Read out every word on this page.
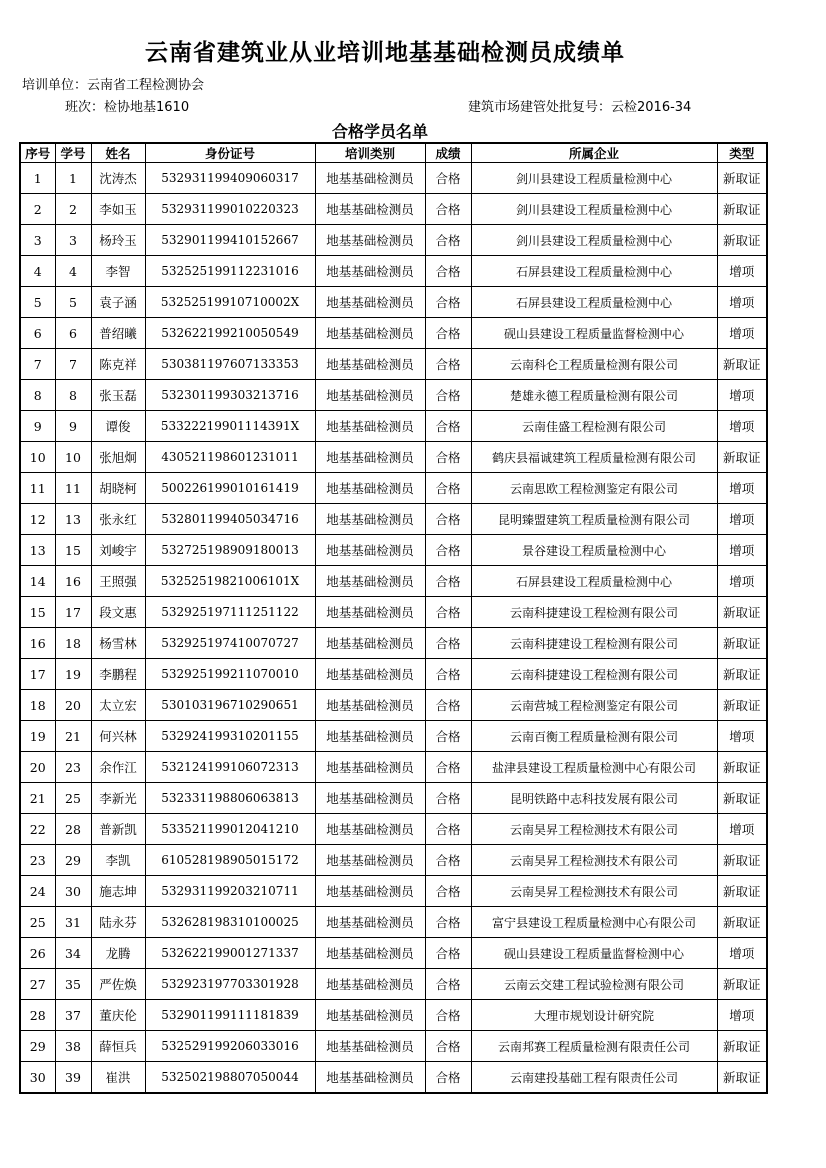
云南省建筑业从业培训地基基础检测员成绩单
培训单位：云南省工程检测协会
班次：检协地基1610	建筑市场建管处批复号：云检2016-34
合格学员名单
序号	学号	姓名	身份证号	培训类别	成绩	所属企业	类型
1	1	沈涛杰	532931199409060317	地基基础检测员	合格	剑川县建设工程质量检测中心	新取证
2	2	李如玉	532931199010220323	地基基础检测员	合格	剑川县建设工程质量检测中心	新取证
3	3	杨玲玉	532901199410152667	地基基础检测员	合格	剑川县建设工程质量检测中心	新取证
4	4	李智	532525199112231016	地基基础检测员	合格	石屏县建设工程质量检测中心	增项
5	5	袁子涵	53252519910710002X	地基基础检测员	合格	石屏县建设工程质量检测中心	增项
6	6	普绍曦	532622199210050549	地基基础检测员	合格	砚山县建设工程质量监督检测中心	增项
7	7	陈克祥	530381197607133353	地基基础检测员	合格	云南科仑工程质量检测有限公司	新取证
8	8	张玉磊	532301199303213716	地基基础检测员	合格	楚雄永德工程质量检测有限公司	增项
9	9	谭俊	53322219901114391X	地基基础检测员	合格	云南佳盛工程检测有限公司	增项
10	10	张旭炯	430521198601231011	地基基础检测员	合格	鹤庆县福诚建筑工程质量检测有限公司	新取证
11	11	胡晓柯	500226199010161419	地基基础检测员	合格	云南思欧工程检测鉴定有限公司	增项
12	13	张永红	532801199405034716	地基基础检测员	合格	昆明臻盟建筑工程质量检测有限公司	增项
13	15	刘峻宇	532725198909180013	地基基础检测员	合格	景谷建设工程质量检测中心	增项
14	16	王照强	53252519821006101X	地基基础检测员	合格	石屏县建设工程质量检测中心	增项
15	17	段文惠	532925197111251122	地基基础检测员	合格	云南科捷建设工程检测有限公司	新取证
16	18	杨雪林	532925197410070727	地基基础检测员	合格	云南科捷建设工程检测有限公司	新取证
17	19	李鹏程	532925199211070010	地基基础检测员	合格	云南科捷建设工程检测有限公司	新取证
18	20	太立宏	530103196710290651	地基基础检测员	合格	云南营城工程检测鉴定有限公司	新取证
19	21	何兴林	532924199310201155	地基基础检测员	合格	云南百衡工程质量检测有限公司	增项
20	23	余作江	532124199106072313	地基基础检测员	合格	盐津县建设工程质量检测中心有限公司	新取证
21	25	李新光	532331198806063813	地基基础检测员	合格	昆明铁路中志科技发展有限公司	新取证
22	28	普新凯	533521199012041210	地基基础检测员	合格	云南昊昇工程检测技术有限公司	增项
23	29	李凯	610528198905015172	地基基础检测员	合格	云南昊昇工程检测技术有限公司	新取证
24	30	施志坤	532931199203210711	地基基础检测员	合格	云南昊昇工程检测技术有限公司	新取证
25	31	陆永芬	532628198310100025	地基基础检测员	合格	富宁县建设工程质量检测中心有限公司	新取证
26	34	龙腾	532622199001271337	地基基础检测员	合格	砚山县建设工程质量监督检测中心	增项
27	35	严佐焕	532923197703301928	地基基础检测员	合格	云南云交建工程试验检测有限公司	新取证
28	37	董庆伦	532901199111181839	地基基础检测员	合格	大理市规划设计研究院	增项
29	38	薛恒兵	532529199206033016	地基基础检测员	合格	云南邦赛工程质量检测有限责任公司	新取证
30	39	崔洪	532502198807050044	地基基础检测员	合格	云南建投基础工程有限责任公司	新取证
